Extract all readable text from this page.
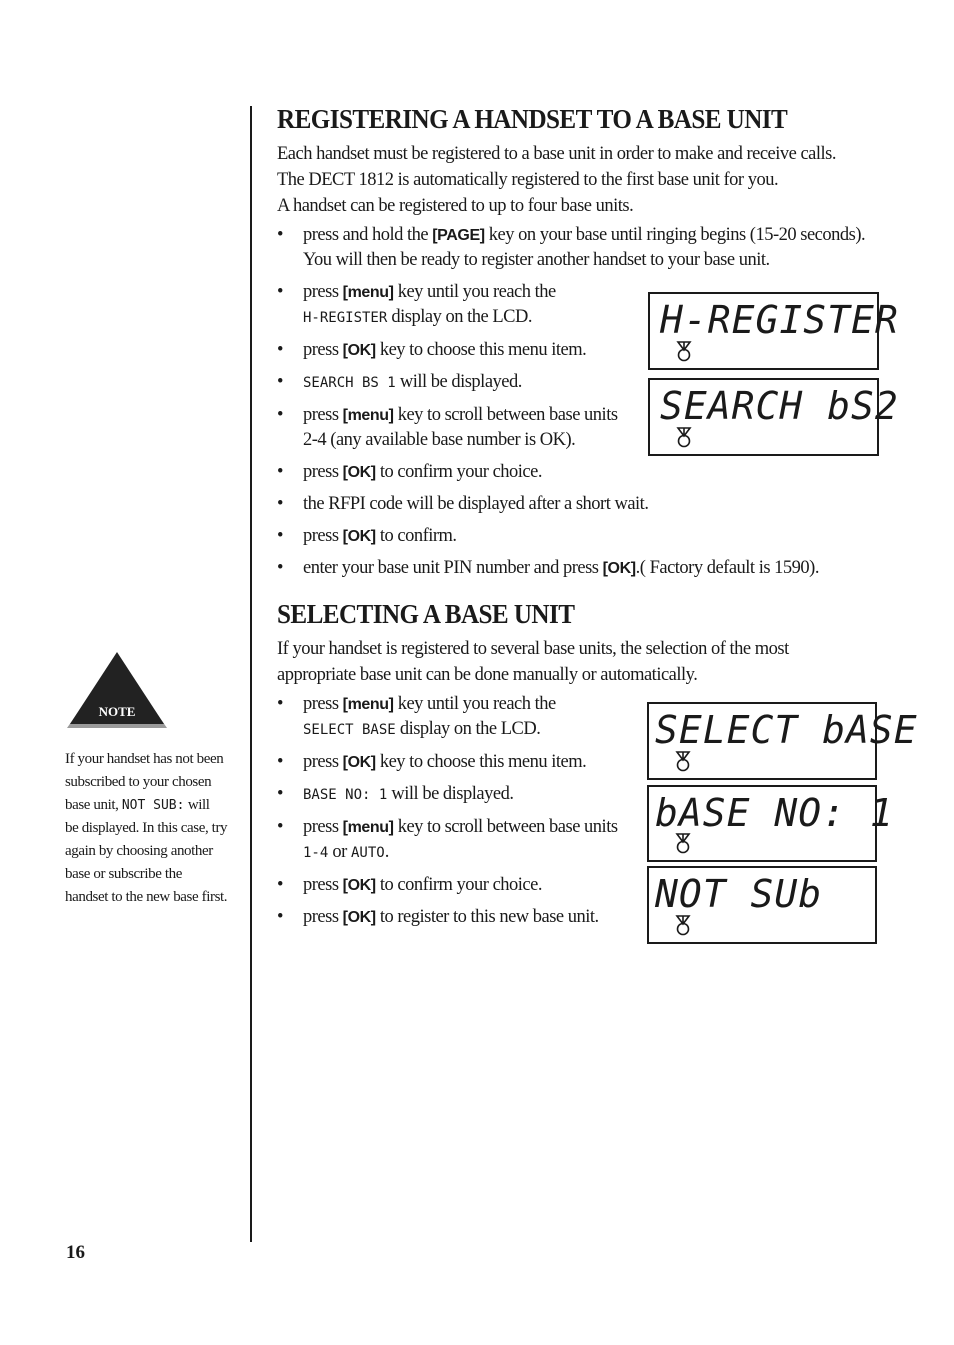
REGISTERING A HANDSET TO A BASE UNIT

Each handset must be registered to a base unit in order to make and receive calls.
The DECT 1812 is automatically registered to the first base unit for you.
A handset can be registered to up to four base units.

• press and hold the [PAGE] key on your base until ringing begins (15-20 seconds).
You will then be ready to register another handset to your base unit.
• press [menu] key until you reach the
H-REGISTER display on the LCD.
• press [OK] key to choose this menu item.
• SEARCH BS 1 will be displayed.
• press [menu] key to scroll between base units
2-4 (any available base number is OK).
• press [OK] to confirm your choice.
• the RFPI code will be displayed after a short wait.
• press [OK] to confirm.
• enter your base unit PIN number and press [OK].( Factory default is 1590).
SELECTING A BASE UNIT

If your handset is registered to several base units, the selection of the most
appropriate base unit can be done manually or automatically.

• press [menu] key until you reach the
SELECT BASE display on the LCD.
• press [OK] key to choose this menu item.
• BASE NO: 1 will be displayed.
• press [menu] key to scroll between base units
1-4 or AUTO.
• press [OK] to confirm your choice.
• press [OK] to register to this new base unit.
H-REGISTER
SEARCH bS2
SELECT bASE
bASE NO: 1
NOT SUb
NOTE
If your handset has not been
subscribed to your chosen
base unit, NOT SUB: will
be displayed. In this case, try
again by choosing another
base or subscribe the
handset to the new base first.
16
